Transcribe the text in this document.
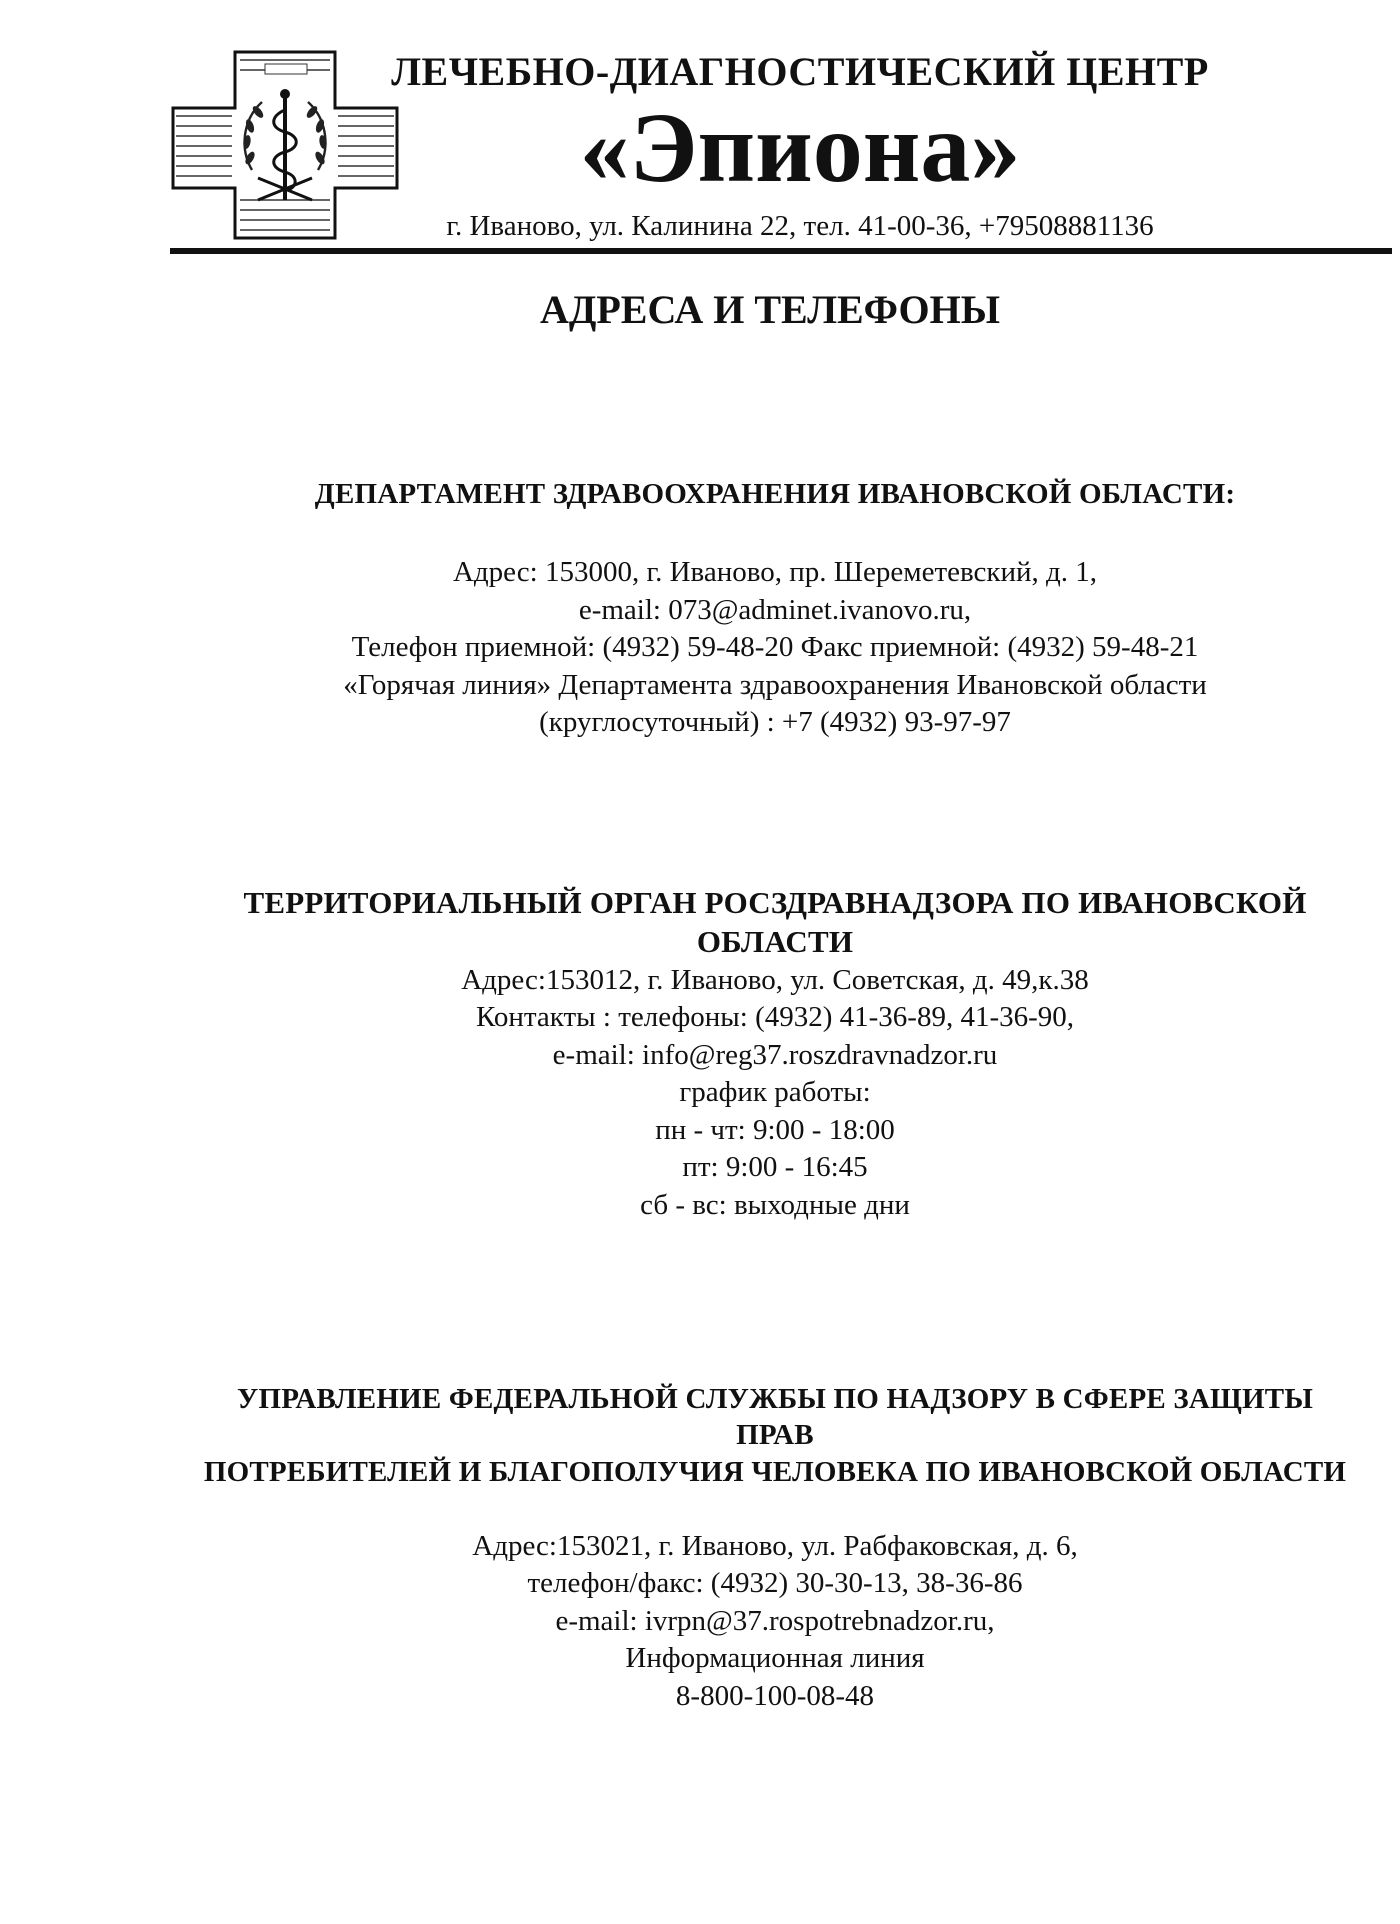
ЛЕЧЕБНО-ДИАГНОСТИЧЕСКИЙ ЦЕНТР
«Эпиона»
г. Иваново, ул. Калинина 22, тел. 41-00-36, +79508881136
АДРЕСА И ТЕЛЕФОНЫ
ДЕПАРТАМЕНТ ЗДРАВООХРАНЕНИЯ ИВАНОВСКОЙ ОБЛАСТИ:
Адрес: 153000, г. Иваново, пр. Шереметевский, д. 1,
e-mail: 073@adminet.ivanovo.ru,
Телефон приемной: (4932) 59-48-20 Факс приемной: (4932) 59-48-21
«Горячая линия» Департамента здравоохранения Ивановской области
(круглосуточный) : +7 (4932) 93-97-97
ТЕРРИТОРИАЛЬНЫЙ ОРГАН РОСЗДРАВНАДЗОРА ПО ИВАНОВСКОЙ
ОБЛАСТИ
Адрес:153012, г. Иваново, ул. Советская, д. 49,к.38
Контакты : телефоны: (4932) 41-36-89, 41-36-90,
e-mail: info@reg37.roszdravnadzor.ru
график работы:
пн - чт: 9:00 - 18:00
пт: 9:00 - 16:45
сб - вс: выходные дни
УПРАВЛЕНИЕ ФЕДЕРАЛЬНОЙ СЛУЖБЫ ПО НАДЗОРУ В СФЕРЕ ЗАЩИТЫ ПРАВ
ПОТРЕБИТЕЛЕЙ И БЛАГОПОЛУЧИЯ ЧЕЛОВЕКА ПО ИВАНОВСКОЙ ОБЛАСТИ
Адрес:153021, г. Иваново, ул. Рабфаковская, д. 6,
телефон/факс: (4932) 30-30-13, 38-36-86
e-mail: ivrpn@37.rospotrebnadzor.ru,
Информационная линия
8-800-100-08-48
